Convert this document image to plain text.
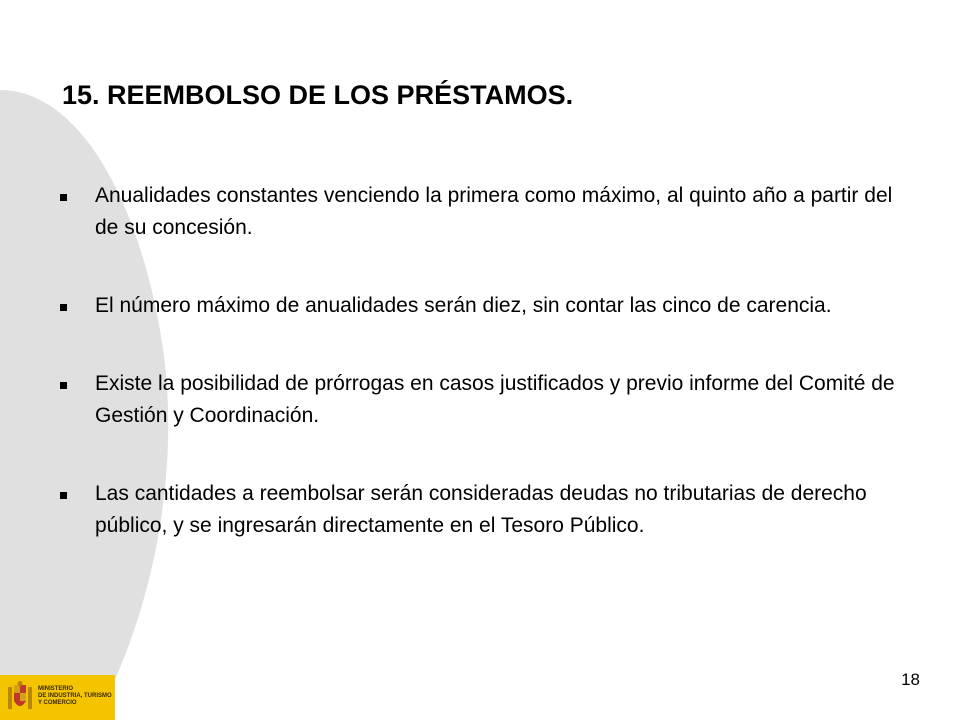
15. REEMBOLSO DE LOS PRÉSTAMOS.
Anualidades constantes venciendo la primera como máximo, al quinto año a partir del de su concesión.
El número máximo de anualidades serán diez, sin contar las cinco de carencia.
Existe la posibilidad de prórrogas en casos justificados y previo informe del Comité de Gestión y Coordinación.
Las cantidades a reembolsar serán consideradas deudas no tributarias de derecho público, y se ingresarán directamente en el Tesoro Público.
18
MINISTERIO
DE INDUSTRIA, TURISMO
Y COMERCIO
